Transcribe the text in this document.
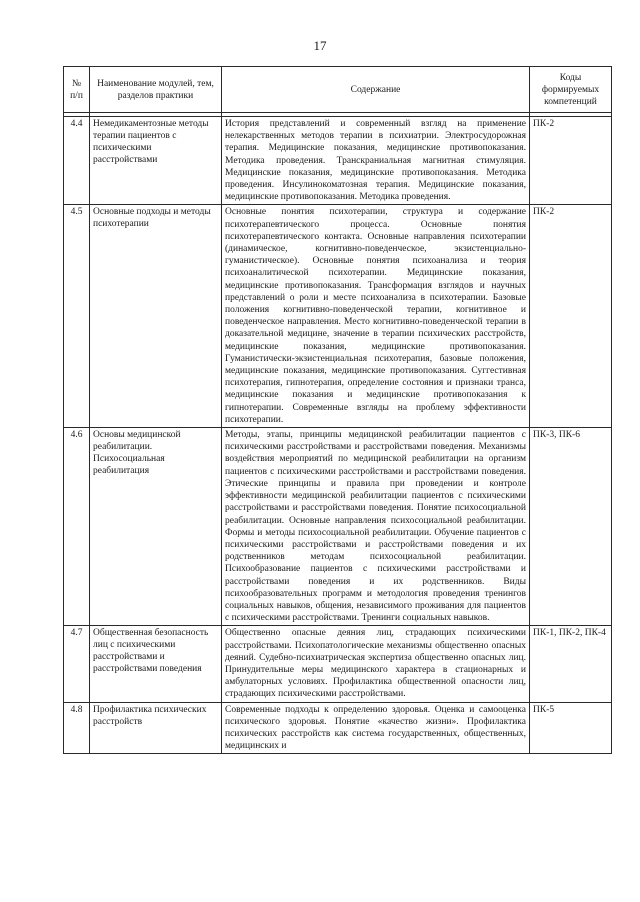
17
№ п/п	Наименование модулей, тем, разделов практики	Содержание	Коды формируемых компетенций

4.4	Немедикаментозные методы терапии пациентов с психическими расстройствами	История представлений и современный взгляд на применение нелекарственных методов терапии в психиатрии. Электросудорожная терапия. Медицинские показания, медицинские противопоказания. Методика проведения. Транскраниальная магнитная стимуляция. Медицинские показания, медицинские противопоказания. Методика проведения. Инсулинокоматозная терапия. Медицинские показания, медицинские противопоказания. Методика проведения.	ПК-2
4.5	Основные подходы и методы психотерапии	Основные понятия психотерапии, структура и содержание психотерапевтического процесса. Основные понятия психотерапевтического контакта. Основные направления психотерапии (динамическое, когнитивно-поведенческое, экзистенциально-гуманистическое). Основные понятия психоанализа и теория психоаналитической психотерапии. Медицинские показания, медицинские противопоказания. Трансформация взглядов и научных представлений о роли и месте психоанализа в психотерапии. Базовые положения когнитивно-поведенческой терапии, когнитивное и поведенческое направления. Место когнитивно-поведенческой терапии в доказательной медицине, значение в терапии психических расстройств, медицинские показания, медицинские противопоказания. Гуманистически-экзистенциальная психотерапия, базовые положения, медицинские показания, медицинские противопоказания. Суггестивная психотерапия, гипнотерапия, определение состояния и признаки транса, медицинские показания и медицинские противопоказания к гипнотерапии. Современные взгляды на проблему эффективности психотерапии.	ПК-2
4.6	Основы медицинской реабилитации. Психосоциальная реабилитация	Методы, этапы, принципы медицинской реабилитации пациентов с психическими расстройствами и расстройствами поведения. Механизмы воздействия мероприятий по медицинской реабилитации на организм пациентов с психическими расстройствами и расстройствами поведения. Этические принципы и правила при проведении и контроле эффективности медицинской реабилитации пациентов с психическими расстройствами и расстройствами поведения. Понятие психосоциальной реабилитации. Основные направления психосоциальной реабилитации. Формы и методы психосоциальной реабилитации. Обучение пациентов с психическими расстройствами и расстройствами поведения и их родственников методам психосоциальной реабилитации. Психообразование пациентов с психическими расстройствами и расстройствами поведения и их родственников. Виды психообразовательных программ и методология проведения тренингов социальных навыков, общения, независимого проживания для пациентов с психическими расстройствами. Тренинги социальных навыков.	ПК-3, ПК-6
4.7	Общественная безопасность лиц с психическими расстройствами и расстройствами поведения	Общественно опасные деяния лиц, страдающих психическими расстройствами. Психопатологические механизмы общественно опасных деяний. Судебно-психиатрическая экспертиза общественно опасных лиц. Принудительные меры медицинского характера в стационарных и амбулаторных условиях. Профилактика общественной опасности лиц, страдающих психическими расстройствами.	ПК-1, ПК-2, ПК-4
4.8	Профилактика психических расстройств	Современные подходы к определению здоровья. Оценка и самооценка психического здоровья. Понятие «качество жизни». Профилактика психических расстройств как система государственных, общественных, медицинских и	ПК-5
